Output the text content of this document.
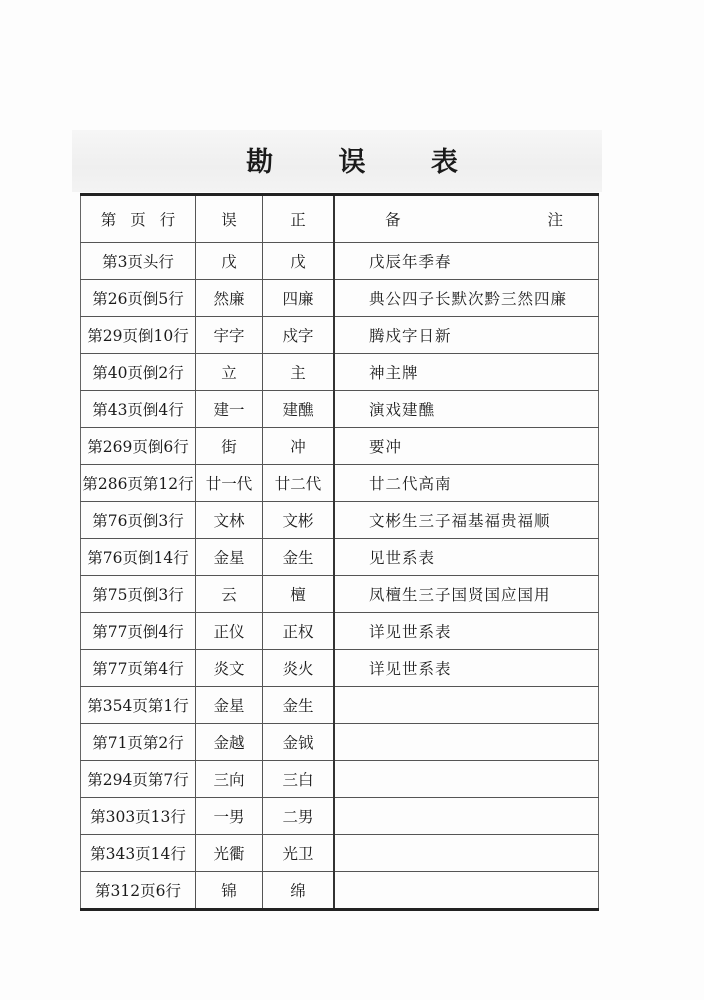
勘 误 表
第页行	误	正	备 注

第3页头行	戊	戊	戊辰年季春
第26页倒5行	然廉	四廉	典公四子长默次黔三然四廉
第29页倒10行	宇字	戍字	腾戍字日新
第40页倒2行	立	主	神主牌
第43页倒4行	建一	建醮	演戏建醮
第269页倒6行	街	冲	要冲
第286页第12行	廿一代	廿二代	廿二代高南
第76页倒3行	文林	文彬	文彬生三子福基福贵福顺
第76页倒14行	金星	金生	见世系表
第75页倒3行	云	檀	凤檀生三子国贤国应国用
第77页倒4行	正仪	正权	详见世系表
第77页第4行	炎文	炎火	详见世系表
第354页第1行	金星	金生	
第71页第2行	金越	金钺	
第294页第7行	三向	三白	
第303页13行	一男	二男	
第343页14行	光衢	光卫	
第312页6行	锦	绵	
